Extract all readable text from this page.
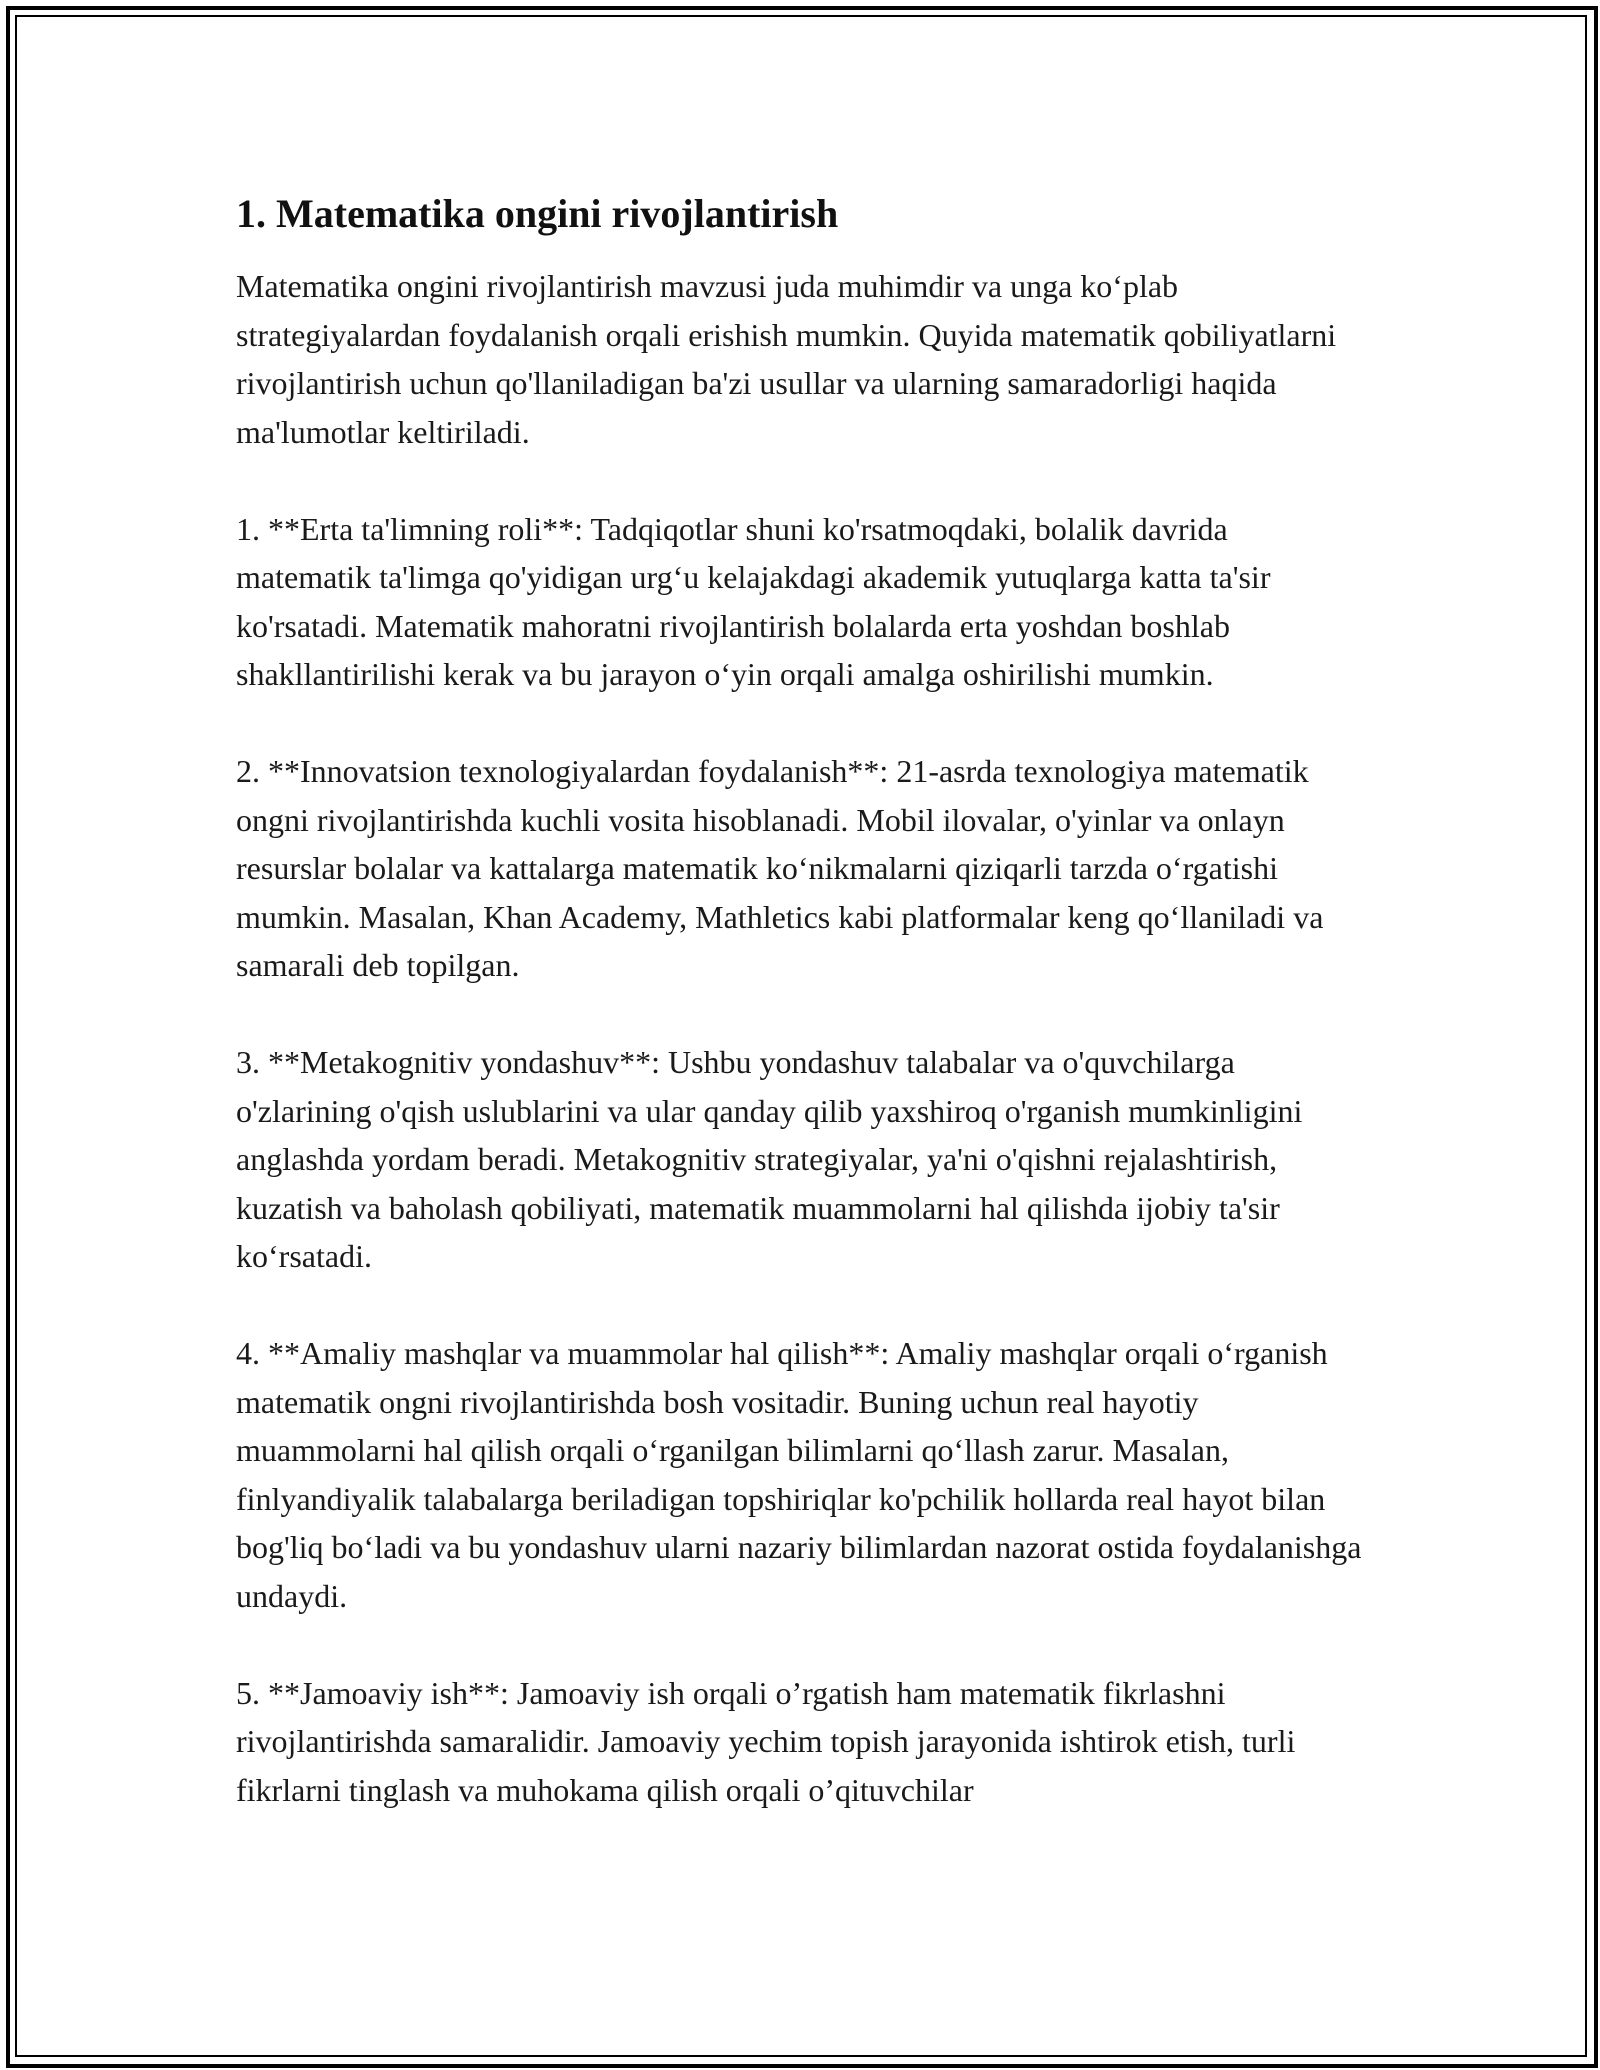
1. Matematika ongini rivojlantirish

Matematika ongini rivojlantirish mavzusi juda muhimdir va unga ko‘plab strategiyalardan foydalanish orqali erishish mumkin. Quyida matematik qobiliyatlarni rivojlantirish uchun qo'llaniladigan ba'zi usullar va ularning samaradorligi haqida ma'lumotlar keltiriladi.

1. **Erta ta'limning roli**: Tadqiqotlar shuni ko'rsatmoqdaki, bolalik davrida matematik ta'limga qo'yidigan urg‘u kelajakdagi akademik yutuqlarga katta ta'sir ko'rsatadi. Matematik mahoratni rivojlantirish bolalarda erta yoshdan boshlab shakllantirilishi kerak va bu jarayon o‘yin orqali amalga oshirilishi mumkin.

2. **Innovatsion texnologiyalardan foydalanish**: 21-asrda texnologiya matematik ongni rivojlantirishda kuchli vosita hisoblanadi. Mobil ilovalar, o'yinlar va onlayn resurslar bolalar va kattalarga matematik ko‘nikmalarni qiziqarli tarzda o‘rgatishi mumkin. Masalan, Khan Academy, Mathletics kabi platformalar keng qo‘llaniladi va samarali deb topilgan.

3. **Metakognitiv yondashuv**: Ushbu yondashuv talabalar va o'quvchilarga o'zlarining o'qish uslublarini va ular qanday qilib yaxshiroq o'rganish mumkinligini anglashda yordam beradi. Metakognitiv strategiyalar, ya'ni o'qishni rejalashtirish, kuzatish va baholash qobiliyati, matematik muammolarni hal qilishda ijobiy ta'sir ko‘rsatadi.

4. **Amaliy mashqlar va muammolar hal qilish**: Amaliy mashqlar orqali o‘rganish matematik ongni rivojlantirishda bosh vositadir. Buning uchun real hayotiy muammolarni hal qilish orqali o‘rganilgan bilimlarni qo‘llash zarur. Masalan, finlyandiyalik talabalarga beriladigan topshiriqlar ko'pchilik hollarda real hayot bilan bog'liq bo‘ladi va bu yondashuv ularni nazariy bilimlardan nazorat ostida foydalanishga undaydi.

5. **Jamoaviy ish**: Jamoaviy ish orqali o’rgatish ham matematik fikrlashni rivojlantirishda samaralidir. Jamoaviy yechim topish jarayonida ishtirok etish, turli fikrlarni tinglash va muhokama qilish orqali o’qituvchilar
